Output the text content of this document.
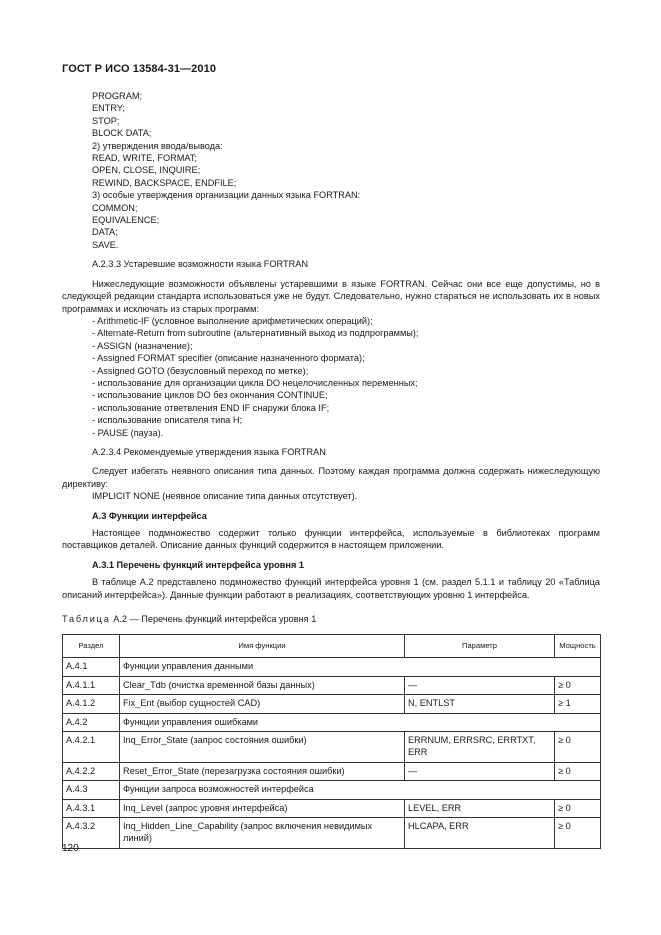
ГОСТ Р ИСО 13584-31—2010

PROGRAM;

ENTRY;

STOP;

BLOCK DATA;

2) утверждения ввода/вывода:

READ, WRITE, FORMAT;

OPEN, CLOSE, INQUIRE;

REWIND, BACKSPACE, ENDFILE;

3) особые утверждения организации данных языка FORTRAN:

COMMON;

EQUIVALENCE;

DATA;

SAVE.

А.2.3.3 Устаревшие возможности языка FORTRAN

Нижеследующие возможности объявлены устаревшими в языке FORTRAN. Сейчас они все еще допустимы, но в следующей редакции стандарта использоваться уже не будут. Следовательно, нужно стараться не использовать их в новых программах и исключать из старых программ:

- Arithmetic-IF (условное выполнение арифметических операций);

- Alternate-Return from subroutine (альтернативный выход из подпрограммы);

- ASSIGN (назначение);

- Assigned FORMAT specifier (описание назначенного формата);

- Assigned GOTO (безусловный переход по метке);

- использование для организации цикла DO нецелочисленных переменных;

- использование циклов DO без окончания CONTINUE;

- использование ответвления END IF снаружи блока IF;

- использование описателя типа H;

- PAUSE (пауза).

А.2.3.4 Рекомендуемые утверждения языка FORTRAN

Следует избегать неявного описания типа данных. Поэтому каждая программа должна содержать нижеследующую директиву:

IMPLICIT NONE (неявное описание типа данных отсутствует).

А.3 Функции интерфейса

Настоящее подмножество содержит только функции интерфейса, используемые в библиотеках программ поставщиков деталей. Описание данных функций содержится в настоящем приложении.

А.3.1 Перечень функций интерфейса уровня 1

В таблице А.2 представлено подмножество функций интерфейса уровня 1 (см. раздел 5.1.1 и таблицу 20 «Таблица описаний интерфейса»). Данные функции работают в реализациях, соответствующих уровню 1 интерфейса.

Таблица А.2 — Перечень функций интерфейса уровня 1

Раздел	Имя функции	Параметр	Мощность
А.4.1	Функции управления данными		
А.4.1.1	Clear_Tdb (очистка временной базы данных)	—	≥ 0
А.4.1.2	Fix_Ent (выбор сущностей CAD)	N, ENTLST	≥ 1
А.4.2	Функции управления ошибками		
А.4.2.1	Inq_Error_State (запрос состояния ошибки)	ERRNUM, ERRSRC, ERRTXT, ERR	≥ 0
А.4.2.2	Reset_Error_State (перезагрузка состояния ошибки)	—	≥ 0
А.4.3	Функции запроса возможностей интерфейса		
А.4.3.1	Inq_Level (запрос уровня интерфейса)	LEVEL, ERR	≥ 0
А.4.3.2	Inq_Hidden_Line_Capability (запрос включения невидимых линий)	HLCAPA, ERR	≥ 0
120
